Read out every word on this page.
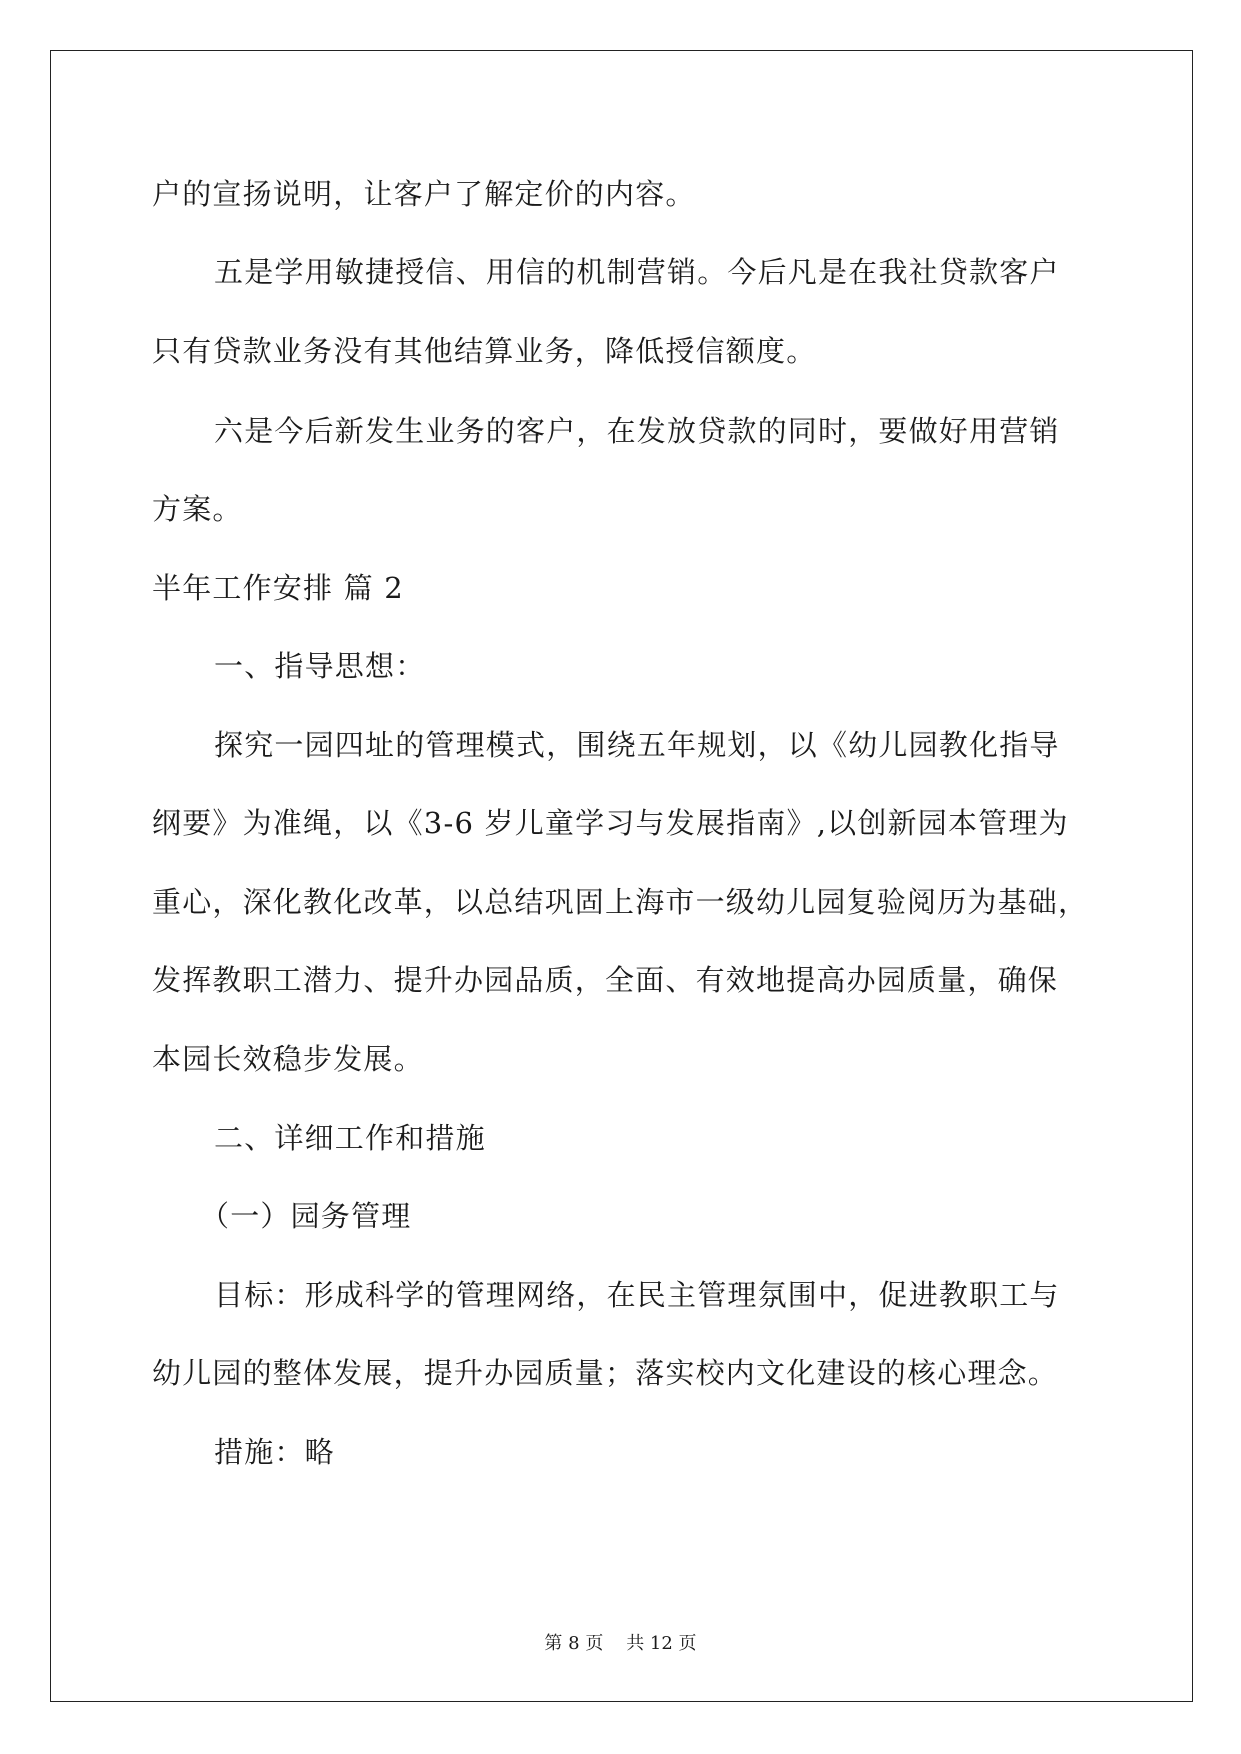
户的宣扬说明，让客户了解定价的内容。
五是学用敏捷授信、用信的机制营销。今后凡是在我社贷款客户
只有贷款业务没有其他结算业务，降低授信额度。
六是今后新发生业务的客户，在发放贷款的同时，要做好用营销
方案。
半年工作安排 篇 2
一、指导思想：
探究一园四址的管理模式，围绕五年规划，以《幼儿园教化指导
纲要》为准绳，以《3-6 岁儿童学习与发展指南》,以创新园本管理为
重心，深化教化改革，以总结巩固上海市一级幼儿园复验阅历为基础，
发挥教职工潜力、提升办园品质，全面、有效地提高办园质量，确保
本园长效稳步发展。
二、详细工作和措施
（一）园务管理
目标：形成科学的管理网络，在民主管理氛围中，促进教职工与
幼儿园的整体发展，提升办园质量；落实校内文化建设的核心理念。
措施：略
第 8 页    共 12 页
